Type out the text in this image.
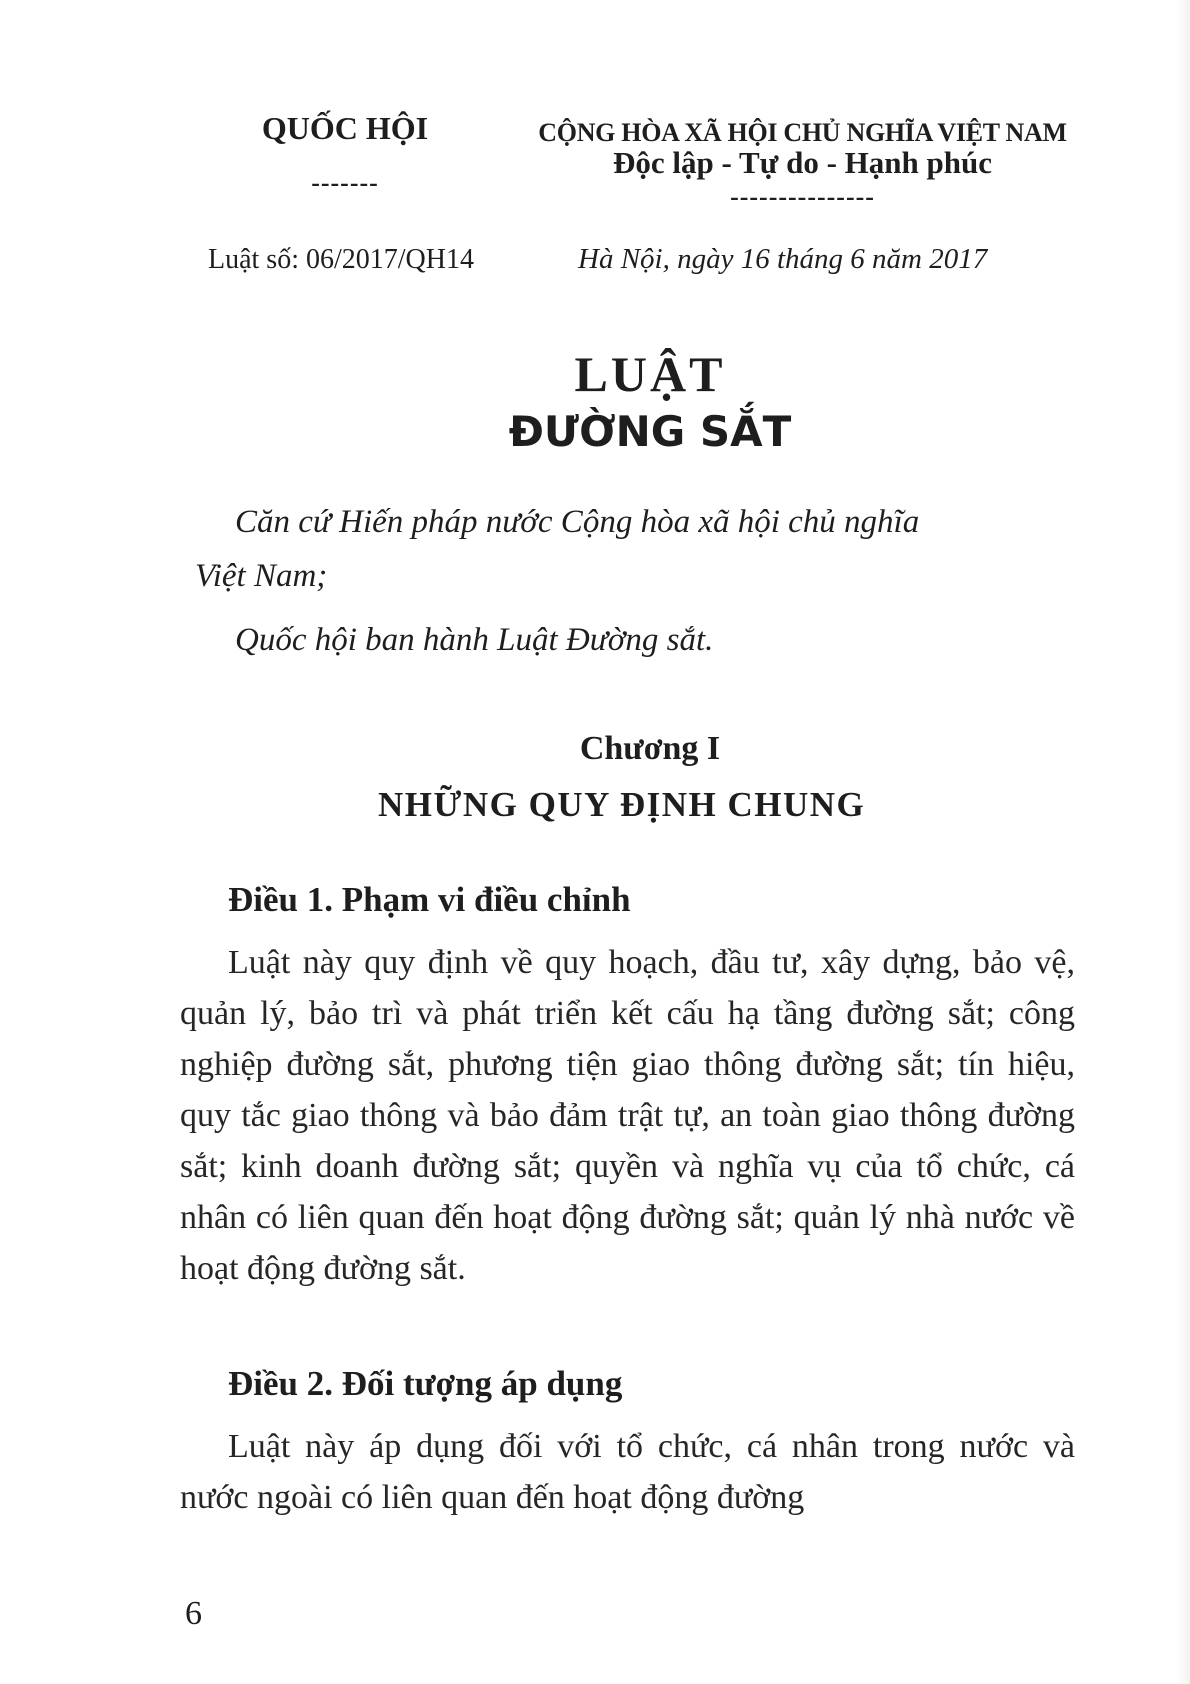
QUỐC HỘI
-------
CỘNG HÒA XÃ HỘI CHỦ NGHĨA VIỆT NAM
Độc lập - Tự do - Hạnh phúc
---------------
Luật số: 06/2017/QH14	Hà Nội, ngày 16 tháng 6 năm 2017
LUẬT
ĐƯỜNG SẮT
Căn cứ Hiến pháp nước Cộng hòa xã hội chủ nghĩa
Việt Nam;
Quốc hội ban hành Luật Đường sắt.
Chương I
NHỮNG QUY ĐỊNH CHUNG
Điều 1. Phạm vi điều chỉnh
Luật này quy định về quy hoạch, đầu tư, xây dựng, bảo vệ, quản lý, bảo trì và phát triển kết cấu hạ tầng đường sắt; công nghiệp đường sắt, phương tiện giao thông đường sắt; tín hiệu, quy tắc giao thông và bảo đảm trật tự, an toàn giao thông đường sắt; kinh doanh đường sắt; quyền và nghĩa vụ của tổ chức, cá nhân có liên quan đến hoạt động đường sắt; quản lý nhà nước về hoạt động đường sắt.
Điều 2. Đối tượng áp dụng
Luật này áp dụng đối với tổ chức, cá nhân trong nước và nước ngoài có liên quan đến hoạt động đường
6
